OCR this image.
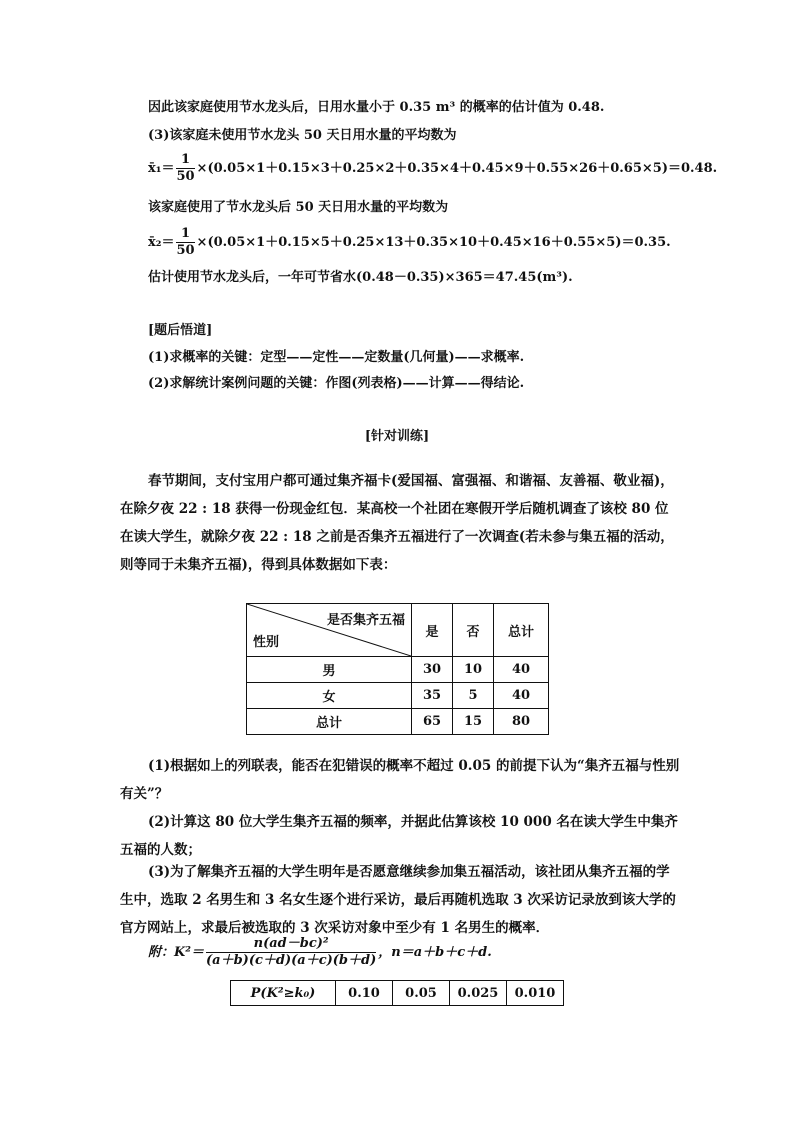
因此该家庭使用节水龙头后，日用水量小于 0.35 m³ 的概率的估计值为 0.48.
(3)该家庭未使用节水龙头 50 天日用水量的平均数为
x̄₁＝ $\frac{1}{50} \times(0.05\times 1+0.15\times 3+0.25\times 2+0.35\times 4+0.45\times 9+0.55\times 26+0.65\times 5)=0.48$.
该家庭使用了节水龙头后 50 天日用水量的平均数为
x̄₂＝ $\frac{1}{50} \times(0.05\times 1+0.15\times 5+0.25\times 13+0.35\times 10+0.45\times 16+0.55\times 5)=0.35$.
估计使用节水龙头后，一年可节省水(0.48－0.35)×365＝47.45(m³).
[题后悟道]
(1)求概率的关键：定型——定性——定数量(几何量)——求概率.
(2)求解统计案例问题的关键：作图(列表格)——计算——得结论.
[针对训练]
春节期间，支付宝用户都可通过集齐福卡(爱国福、富强福、和谐福、友善福、敬业福)，在除夕夜 22 : 18 获得一份现金红包．某高校一个社团在寒假开学后随机调查了该校 80 位在读大学生，就除夕夜 22 : 18 之前是否集齐五福进行了一次调查(若未参与集五福的活动，则等同于未集齐五福)，得到具体数据如下表：
是否集齐五福
性别	是	否	总计
男	30	10	40
女	35	5	40
总计	65	15	80
(1)根据如上的列联表，能否在犯错误的概率不超过 0.05 的前提下认为“集齐五福与性别有关”？
(2)计算这 80 位大学生集齐五福的频率，并据此估算该校 10 000 名在读大学生中集齐五福的人数；
(3)为了解集齐五福的大学生明年是否愿意继续参加集五福活动，该社团从集齐五福的学生中，选取 2 名男生和 3 名女生逐个进行采访，最后再随机选取 3 次采访记录放到该大学的官方网站上，求最后被选取的 3 次采访对象中至少有 1 名男生的概率．
附：$K^2= \frac{\text{n(ad－bc)²}}{(a+b)(c+d)(a+c)(b+d)}$ ，n＝a＋b＋c＋d.
P(K²≥k₀)	0.10	0.05	0.025	0.010
